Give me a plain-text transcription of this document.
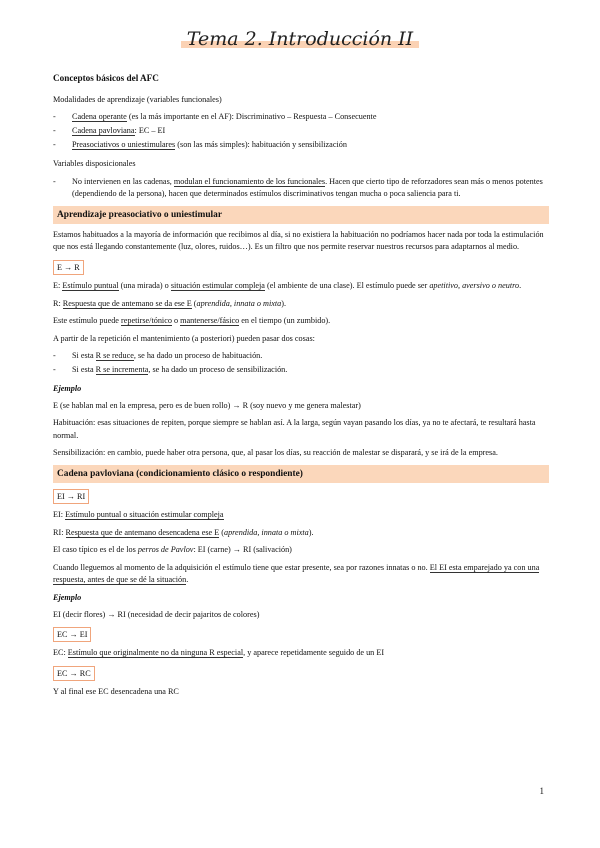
Tema 2. Introducción II

Conceptos básicos del AFC

Modalidades de aprendizaje (variables funcionales)

-	Cadena operante (es la más importante en el AF): Discriminativo – Respuesta – Consecuente
-	Cadena pavloviana: EC – EI
-	Preasociativos o uniestimulares (son las más simples): habituación y sensibilización

Variables disposicionales

-	No intervienen en las cadenas, modulan el funcionamiento de los funcionales. Hacen que cierto tipo de reforzadores sean más o menos potentes (dependiendo de la persona), hacen que determinados estímulos discriminativos tengan mucha o poca saliencia para ti.
Aprendizaje preasociativo o uniestimular

Estamos habituados a la mayoría de información que recibimos al día, si no existiera la habituación no podríamos hacer nada por toda la estimulación que nos está llegando constantemente (luz, olores, ruidos…). Es un filtro que nos permite reservar nuestros recursos para adaptarnos al medio.

E → R

E: Estímulo puntual (una mirada) o situación estimular compleja (el ambiente de una clase). El estímulo puede ser apetitivo, aversivo o neutro.

R: Respuesta que de antemano se da ese E (aprendida, innata o mixta).

Este estímulo puede repetirse/tónico o mantenerse/fásico en el tiempo (un zumbido).

A partir de la repetición el mantenimiento (a posteriori) pueden pasar dos cosas:

-	Si esta R se reduce, se ha dado un proceso de habituación.
-	Si esta R se incrementa, se ha dado un proceso de sensibilización.

Ejemplo

E (se hablan mal en la empresa, pero es de buen rollo) → R (soy nuevo y me genera malestar)

Habituación: esas situaciones de repiten, porque siempre se hablan así. A la larga, según vayan pasando los días, ya no te afectará, te resultará hasta normal.

Sensibilización: en cambio, puede haber otra persona, que, al pasar los días, su reacción de malestar se disparará, y se irá de la empresa.

Cadena pavloviana (condicionamiento clásico o respondiente)
EI → RI

EI: Estímulo puntual o situación estimular compleja

RI: Respuesta que de antemano desencadena ese E (aprendida, innata o mixta).

El caso típico es el de los perros de Pavlov: EI (carne) → RI (salivación)

Cuando lleguemos al momento de la adquisición el estímulo tiene que estar presente, sea por razones innatas o no. El EI esta emparejado ya con una respuesta, antes de que se dé la situación.

Ejemplo

EI (decir flores) → RI (necesidad de decir pajaritos de colores)

EC → EI

EC: Estímulo que originalmente no da ninguna R especial, y aparece repetidamente seguido de un EI

EC → RC

Y al final ese EC desencadena una RC

1
